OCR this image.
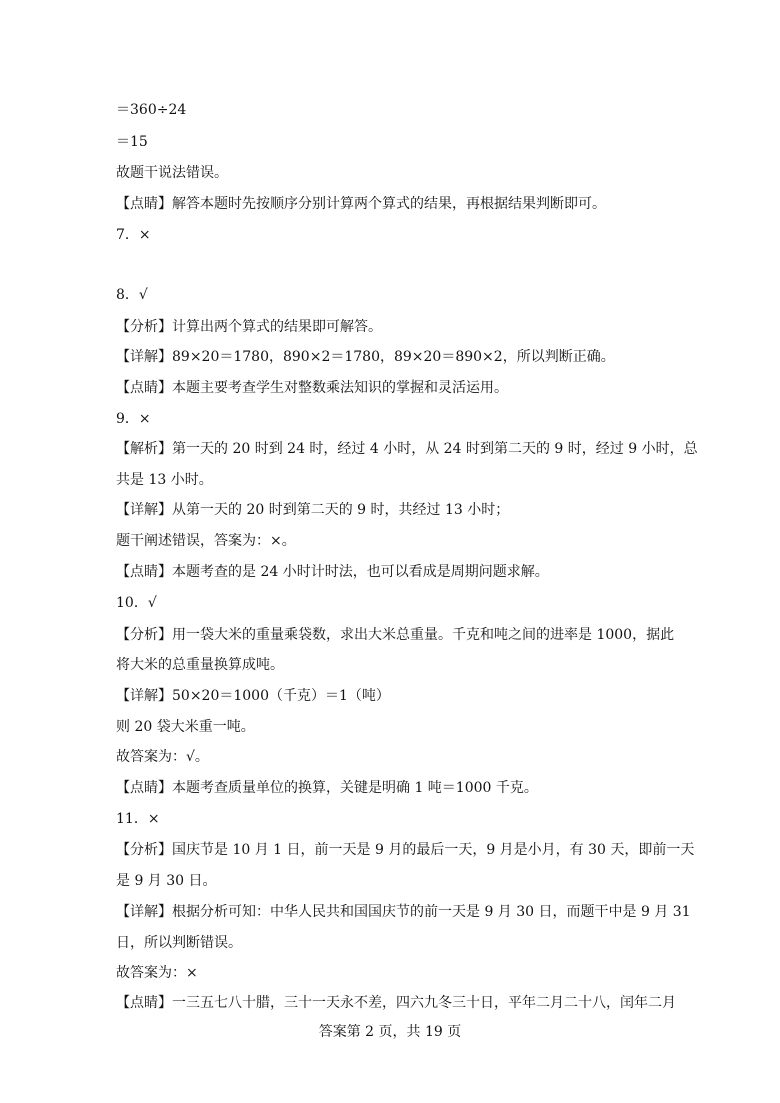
＝360÷24
＝15
故题干说法错误。
【点睛】解答本题时先按顺序分别计算两个算式的结果，再根据结果判断即可。
7．×
8．√
【分析】计算出两个算式的结果即可解答。
【详解】89×20＝1780，890×2＝1780，89×20＝890×2，所以判断正确。
【点睛】本题主要考查学生对整数乘法知识的掌握和灵活运用。
9．×
【解析】第一天的 20 时到 24 时，经过 4 小时，从 24 时到第二天的 9 时，经过 9 小时，总
共是 13 小时。
【详解】从第一天的 20 时到第二天的 9 时，共经过 13 小时；
题干阐述错误，答案为：×。
【点睛】本题考查的是 24 小时计时法，也可以看成是周期问题求解。
10．√
【分析】用一袋大米的重量乘袋数，求出大米总重量。千克和吨之间的进率是 1000，据此
将大米的总重量换算成吨。
【详解】50×20＝1000（千克）＝1（吨）
则 20 袋大米重一吨。
故答案为：√。
【点睛】本题考查质量单位的换算，关键是明确 1 吨＝1000 千克。
11．×
【分析】国庆节是 10 月 1 日，前一天是 9 月的最后一天，9 月是小月，有 30 天，即前一天
是 9 月 30 日。
【详解】根据分析可知：中华人民共和国国庆节的前一天是 9 月 30 日，而题干中是 9 月 31
日，所以判断错误。
故答案为：×
【点睛】一三五七八十腊，三十一天永不差，四六九冬三十日，平年二月二十八，闰年二月
答案第 2 页，共 19 页
